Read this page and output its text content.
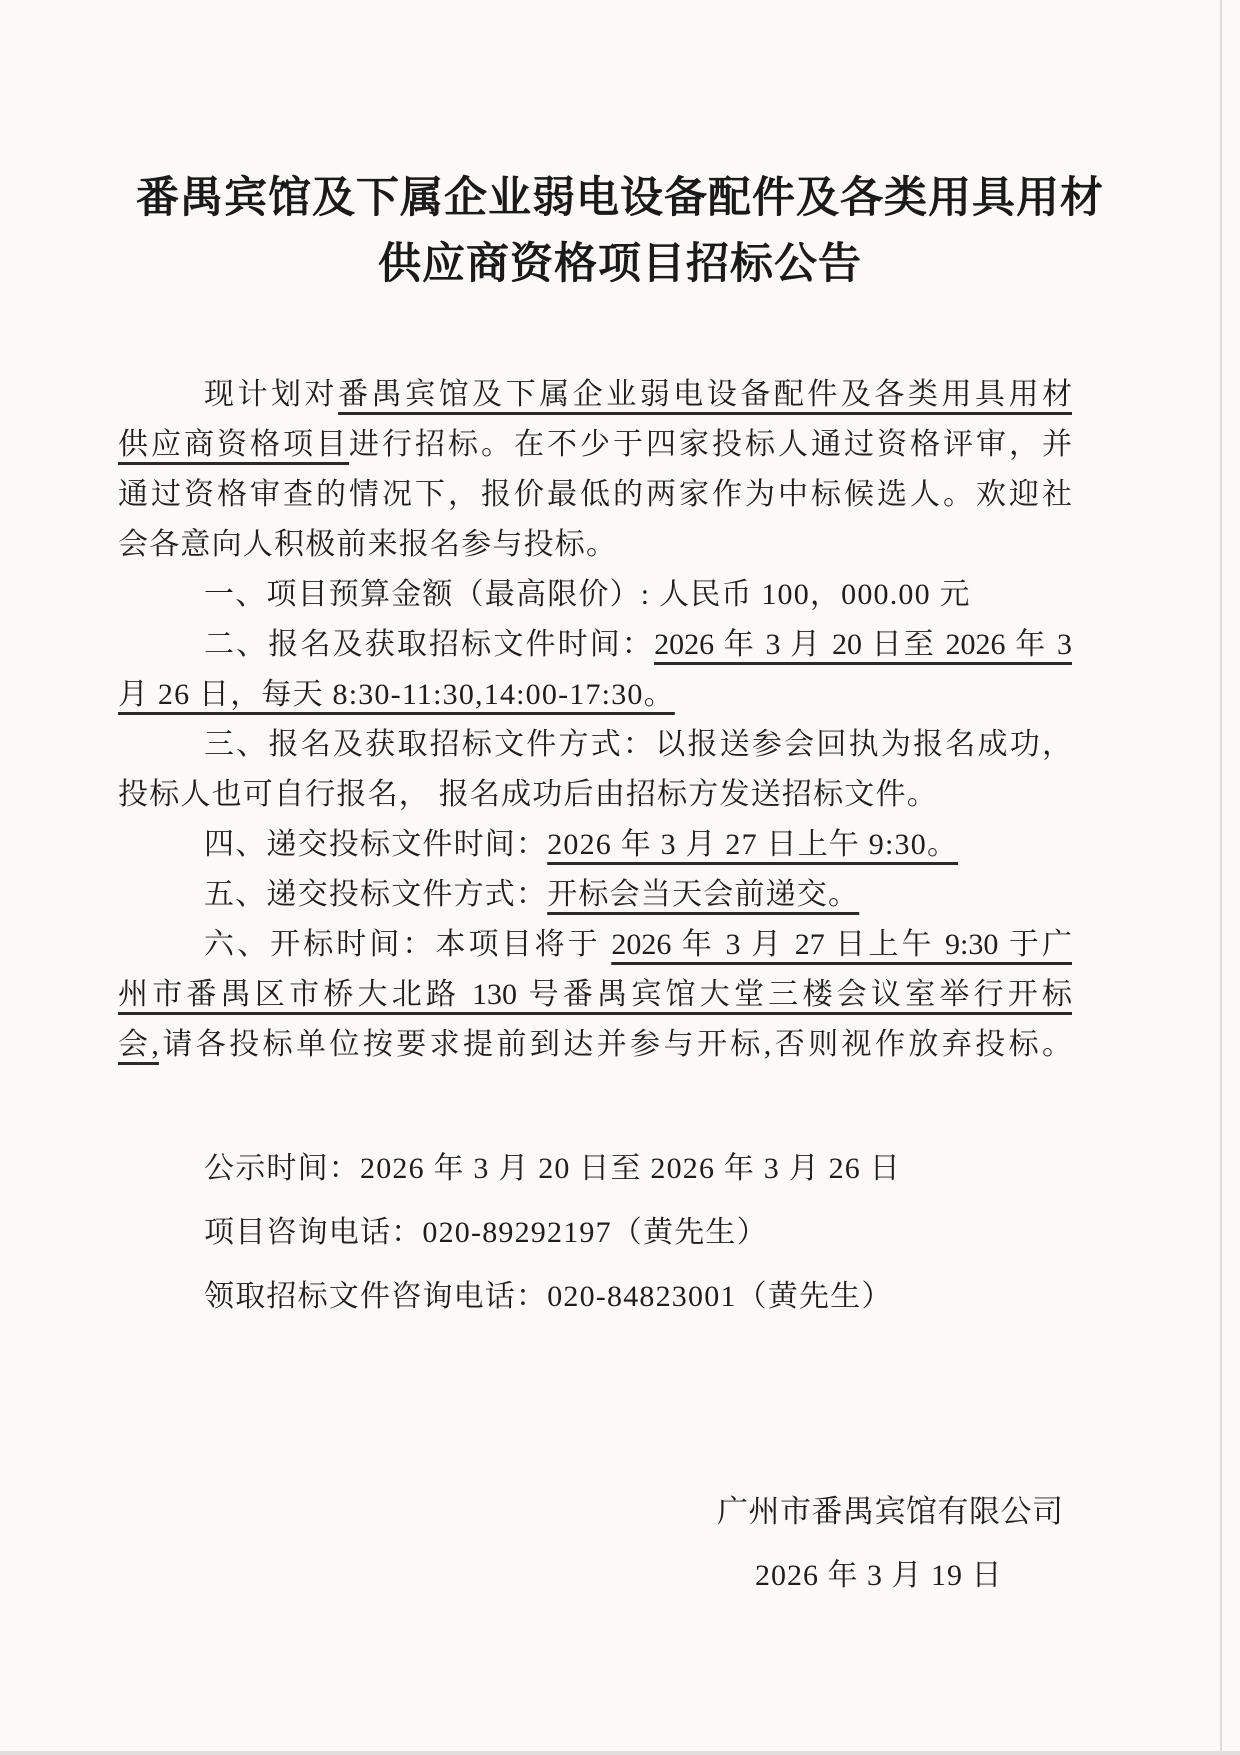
番禺宾馆及下属企业弱电设备配件及各类用具用材
供应商资格项目招标公告
现计划对番禺宾馆及下属企业弱电设备配件及各类用具用材
供应商资格项目进行招标。在不少于四家投标人通过资格评审，并
通过资格审查的情况下，报价最低的两家作为中标候选人。欢迎社
会各意向人积极前来报名参与投标。
一、项目预算金额（最高限价）: 人民币 100，000.00 元
二、报名及获取招标文件时间：2026 年 3 月 20 日至 2026 年 3
月 26 日，每天 8:30-11:30,14:00-17:30。
三、报名及获取招标文件方式：以报送参会回执为报名成功，
投标人也可自行报名， 报名成功后由招标方发送招标文件。
四、递交投标文件时间：2026 年 3 月 27 日上午 9:30。
五、递交投标文件方式：开标会当天会前递交。
六、开标时间：本项目将于 2026 年 3 月 27 日上午 9:30 于广
州市番禺区市桥大北路 130 号番禺宾馆大堂三楼会议室举行开标
会,请各投标单位按要求提前到达并参与开标,否则视作放弃投标。
公示时间：2026 年 3 月 20 日至 2026 年 3 月 26 日
项目咨询电话：020-89292197（黄先生）
领取招标文件咨询电话：020-84823001（黄先生）
广州市番禺宾馆有限公司
2026 年 3 月 19 日
